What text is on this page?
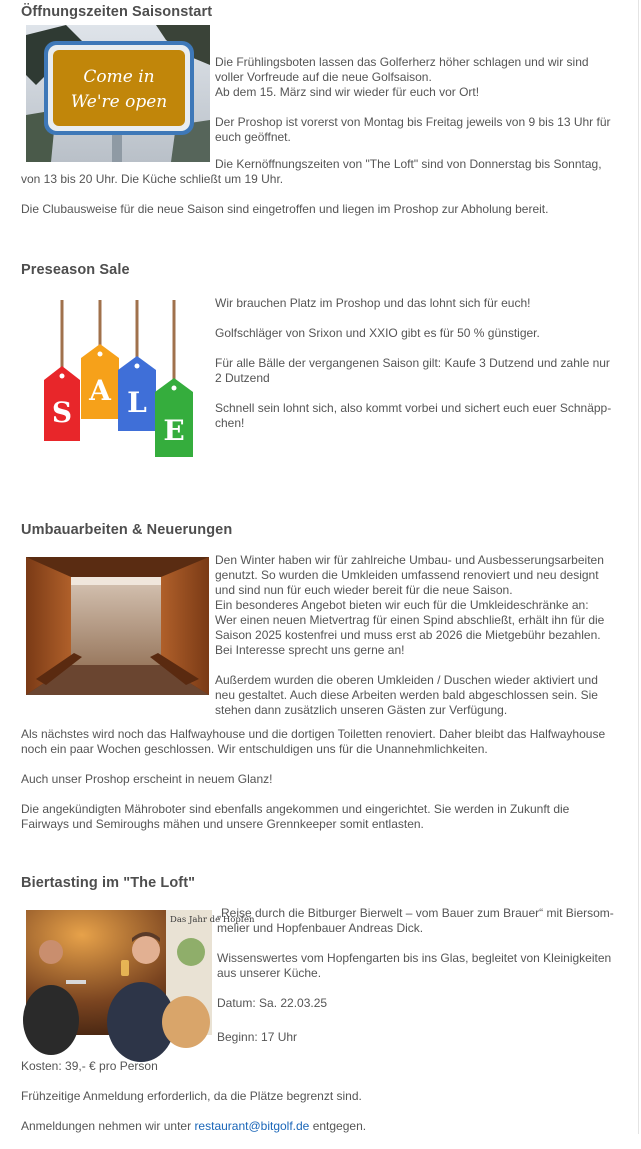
Öffnungszeiten Saisonstart
Come in
We're open

Die Frühlingsboten lassen das Golferherz höher schlagen und wir sind voller Vorfreude auf die neue Golfsaison.
Ab dem 15. März sind wir wieder für euch vor Ort!

Der Proshop ist vorerst von Montag bis Freitag jeweils von 9 bis 13 Uhr für euch geöffnet.

Die Kernöffnungszeiten von "The Loft" sind von Donnerstag bis Sonntag, von 13 bis 20 Uhr. Die Küche schließt um 19 Uhr.

Die Clubausweise für die neue Saison sind eingetroffen und liegen im Proshop zur Abholung bereit.

Preseason Sale
S
A L
E

Wir brauchen Platz im Proshop und das lohnt sich für euch!

Golfschläger von Srixon und XXIO gibt es für 50 % günstiger.

Für alle Bälle der vergangenen Saison gilt: Kaufe 3 Dutzend und zahle nur 2 Dutzend

Schnell sein lohnt sich, also kommt vorbei und sichert euch euer Schnäpp-chen!

Umbauarbeiten & Neuerungen

Den Winter haben wir für zahlreiche Umbau- und Ausbesserungsarbeiten genutzt. So wurden die Umkleiden umfassend renoviert und neu designt und sind nun für euch wieder bereit für die neue Saison.
Ein besonderes Angebot bieten wir euch für die Umkleideschränke an: Wer einen neuen Mietvertrag für einen Spind abschließt, erhält ihn für die Saison 2025 kostenfrei und muss erst ab 2026 die Mietgebühr bezahlen.
Bei Interesse sprecht uns gerne an!

Außerdem wurden die oberen Umkleiden / Duschen wieder aktiviert und neu gestaltet. Auch diese Arbeiten werden bald abgeschlossen sein. Sie stehen dann zusätzlich unseren Gästen zur Verfügung.

Als nächstes wird noch das Halfwayhouse und die dortigen Toiletten renoviert. Daher bleibt das Halfwayhouse noch ein paar Wochen geschlossen. Wir entschuldigen uns für die Unannehmlichkeiten.

Auch unser Proshop erscheint in neuem Glanz!

Die angekündigten Mähroboter sind ebenfalls angekommen und eingerichtet. Sie werden in Zukunft die Fairways und Semiroughs mähen und unsere Grennkeeper somit entlasten.

Biertasting im "The Loft"
Das Jahr de Hopfen

„Reise durch die Bitburger Bierwelt – vom Bauer zum Brauer“ mit Biersom-melier und Hopfenbauer Andreas Dick.

Wissenswertes vom Hopfengarten bis ins Glas, begleitet von Kleinigkeiten aus unserer Küche.

Datum: Sa. 22.03.25

Beginn: 17 Uhr

Kosten: 39,- € pro Person

Frühzeitige Anmeldung erforderlich, da die Plätze begrenzt sind.

Anmeldungen nehmen wir unter restaurant@bitgolf.de entgegen.
